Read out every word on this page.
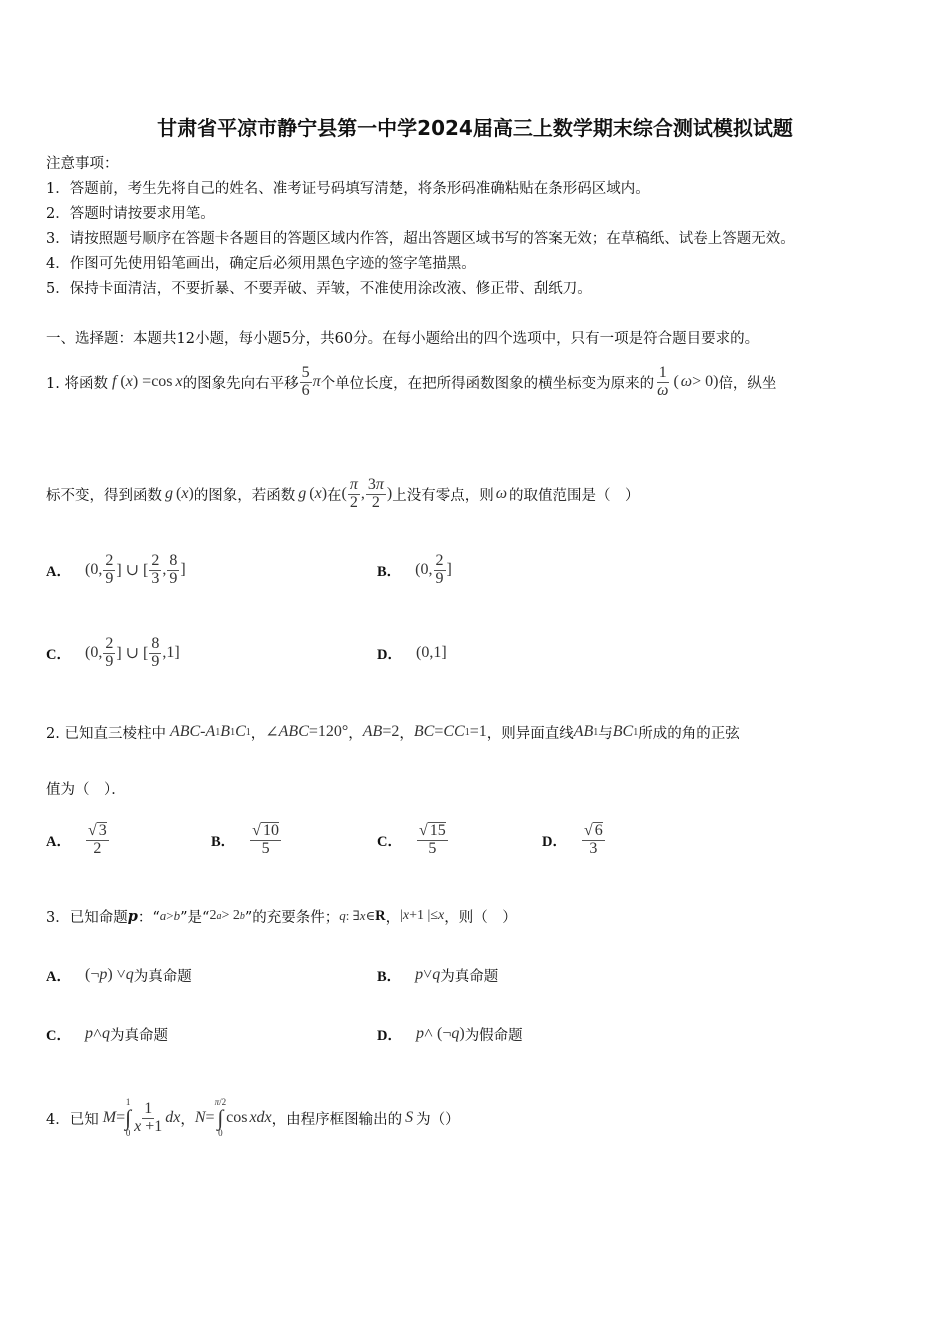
甘肃省平凉市静宁县第一中学2024届高三上数学期末综合测试模拟试题
注意事项：
1．答题前，考生先将自己的姓名、准考证号码填写清楚，将条形码准确粘贴在条形码区域内。
2．答题时请按要求用笔。
3．请按照题号顺序在答题卡各题目的答题区域内作答，超出答题区域书写的答案无效；在草稿纸、试卷上答题无效。
4．作图可先使用铅笔画出，确定后必须用黑色字迹的签字笔描黑。
5．保持卡面清洁，不要折暴、不要弄破、弄皱，不准使用涂改液、修正带、刮纸刀。
一、选择题：本题共12小题，每小题5分，共60分。在每小题给出的四个选项中，只有一项是符合题目要求的。
1. 将函数 f ( x ) =cos x 的图象先向右平移 $\frac{5}{6}$ π 个单位长度，在把所得函数图象的横坐标变为原来的 $\frac{1}{\omega}$ ( ω > 0) 倍，纵坐
标不变，得到函数 g ( x ) 的图象，若函数 g ( x ) 在 ( $\frac{\pi}{2}$ , $\frac{3\pi}{2}$ ) 上没有零点，则 ω 的取值范围是（　）
A． (0, $\frac{2}{9}$ ] ∪ [ $\frac{2}{3}$ , $\frac{8}{9}$ ]	B． (0, $\frac{2}{9}$ ]
C． (0, $\frac{2}{9}$ ] ∪ [ $\frac{8}{9} ,1$]	D． (0,1]
2. 已知直三棱柱中 ABC - A 1 B 1 C 1 ， ∠ ABC =120° ， AB =2 ， BC = CC 1 =1 ，则异面直线 AB 1 与 BC 1 所成的角的正弦
值为（　）．
A． $\frac{√ 3}{2}$	B． $\frac{√ 10}{5}$	C． $\frac{√ 15}{5}$	D． $\frac{√ 6}{3}$
3．已知命题 p ：“ a > b ”是“ 2 a > 2 b ”的充要条件； q : ∃ x ∈ R ， | x +1 |≤ x ，则（　）
A． (¬ p ) ˅ q 为真命题	B． p ˅ q 为真命题
C． p ˄ q 为真命题	D． p ˄ (¬ q ) 为假命题
4．已知 M =
1
∫
$0 \frac{1}{x +1}$ dx ， N =
π/2
∫
0
cos xdx ，由程序框图输出的 S 为（）
